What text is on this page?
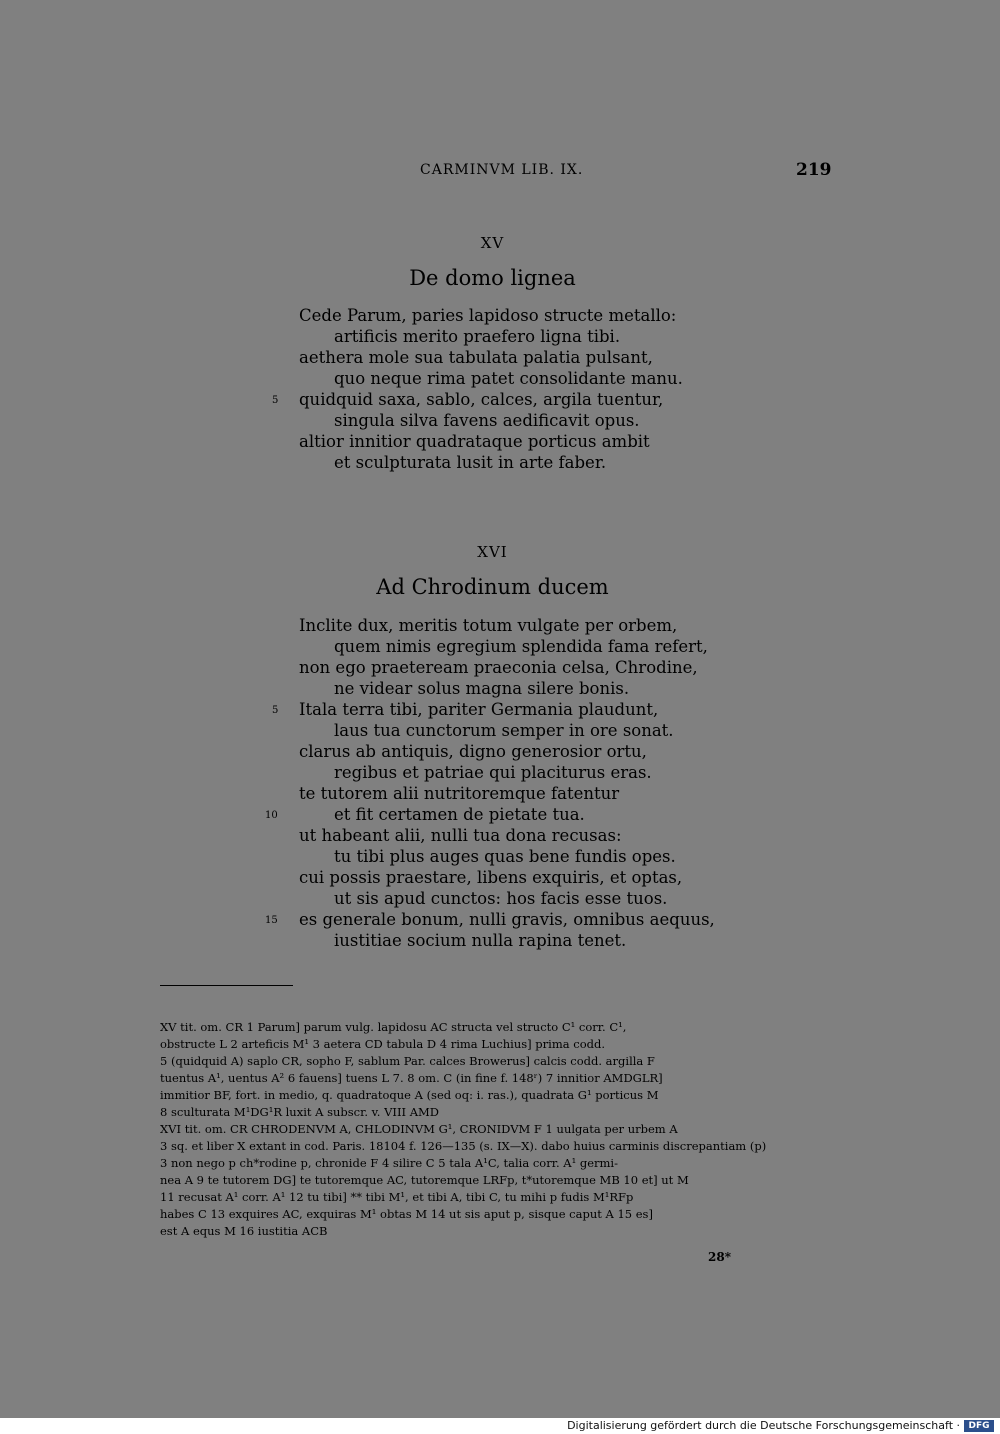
CARMINVM LIB. IX.	219
XV
De domo lignea
Cede Parum, paries lapidoso structe metallo:
artificis merito praefero ligna tibi.
aethera mole sua tabulata palatia pulsant,
quo neque rima patet consolidante manu.
quidquid saxa, sablo, calces, argila tuentur,
singula silva favens aedificavit opus.
altior innitior quadrataque porticus ambit
et sculpturata lusit in arte faber.
5
XVI
Ad Chrodinum ducem
Inclite dux, meritis totum vulgate per orbem,
quem nimis egregium splendida fama refert,
non ego praeteream praeconia celsa, Chrodine,
ne videar solus magna silere bonis.
Itala terra tibi, pariter Germania plaudunt,
laus tua cunctorum semper in ore sonat.
clarus ab antiquis, digno generosior ortu,
regibus et patriae qui placiturus eras.
te tutorem alii nutritoremque fatentur
et fit certamen de pietate tua.
ut habeant alii, nulli tua dona recusas:
tu tibi plus auges quas bene fundis opes.
cui possis praestare, libens exquiris, et optas,
ut sis apud cunctos: hos facis esse tuos.
es generale bonum, nulli gravis, omnibus aequus,
iustitiae socium nulla rapina tenet.
5
10
15
XV tit. om. CR 1 Parum] parum vulg. lapidosu AC structa vel structo C¹ corr. C¹,
obstructe L 2 arteficis M¹ 3 aetera CD tabula D 4 rima Luchius] prima codd.
5 (quidquid A) saplo CR, sopho F, sablum Par. calces Browerus] calcis codd. argilla F
tuentus A¹, uentus A² 6 fauens] tuens L 7. 8 om. C (in fine f. 148ʳ) 7 innitior AMDGLR]
immitior BF, fort. in medio, q. quadratoque A (sed oq: i. ras.), quadrata G¹ porticus M
8 sculturata M¹DG¹R luxit A subscr. v. VIII AMD
XVI tit. om. CR CHRODENVM A, CHLODINVM G¹, CRONIDVM F 1 uulgata per urbem A
3 sq. et liber X extant in cod. Paris. 18104 f. 126—135 (s. IX—X). dabo huius carminis discrepantiam (p)
3 non nego p ch*rodine p, chronide F 4 silire C 5 tala A¹C, talia corr. A¹ germi-
nea A 9 te tutorem DG] te tutoremque AC, tutoremque LRFp, t*utoremque MB 10 et] ut M
11 recusat A¹ corr. A¹ 12 tu tibi] ** tibi M¹, et tibi A, tibi C, tu mihi p fudis M¹RFp
habes C 13 exquires AC, exquiras M¹ obtas M 14 ut sis aput p, sisque caput A 15 es]
est A equs M 16 iustitia ACB
28*
Digitalisierung gefördert durch die Deutsche Forschungsgemeinschaft · DFG
